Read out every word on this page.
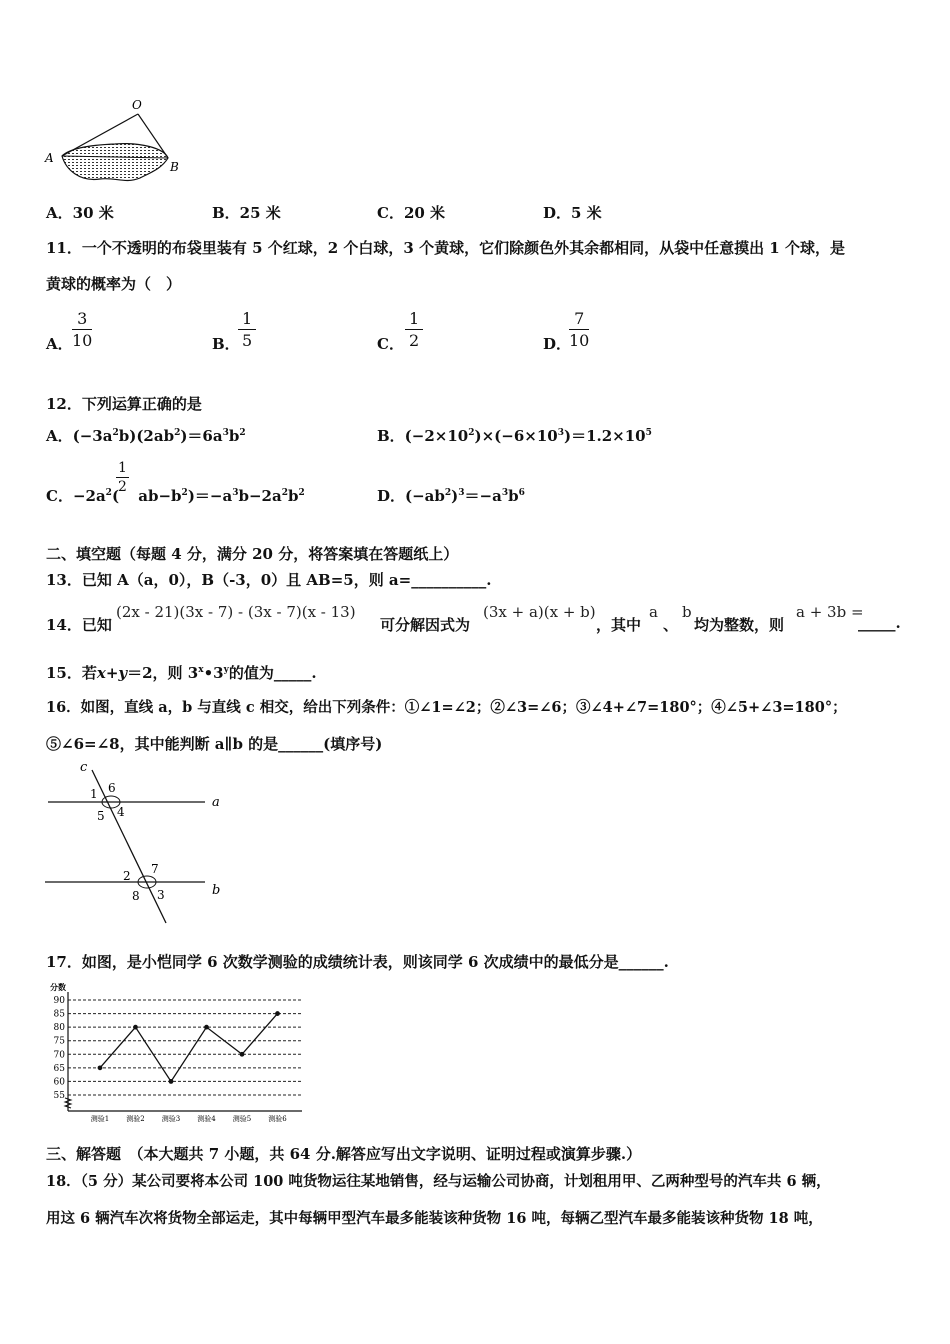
O
A
B
A．30 米	B．25 米	C．20 米	D．5 米
11．一个不透明的布袋里装有 5 个红球，2 个白球，3 个黄球，它们除颜色外其余都相同，从袋中任意摸出 1 个球，是
黄球的概率为（　）
A． $\frac{3}{10}$	B．
$\frac{1}{5}$	C． $\frac{1}{2}$	D．
$\frac{7}{10}$
12．下列运算正确的是
A．$(-3a^2b)(2ab^2)=6a^3b^2$	B．$(-2\times 10^2)\times(-6\times 10^3)=1.2\times 10^5$
C．$-2a^2$( $ab-b^2)=-a^3b-2a^2b^2$
$\frac{1}{2}$
D．$(-ab^2)^3=-a^3b^6$
二、填空题（每题 4 分，满分 20 分，将答案填在答题纸上）
13．已知 A（a，0），B（-3，0）且 AB=5，则 a=__________.
14．已知
(2x - 21)(3x - 7) - (3x - 7)(x - 13)
可分解因式为
(3x + a)(x + b)
，其中
a
、
b
均为整数，则
a + 3b =
_____.
15．若x+y＝2，则 3$^x$•3$^y$的值为_____.
16．如图，直线 a，b 与直线 c 相交，给出下列条件：①∠1=∠2；②∠3=∠6；③∠4+∠7=180°；④∠5+∠3=180°；
⑤∠6=∠8，其中能判断 a∥b 的是______(填序号)
c
a
b
1 6
5 4
2 7
8 3
17．如图，是小恺同学 6 次数学测验的成绩统计表，则该同学 6 次成绩中的最低分是______.
55
60
65
70
75
80
85
90
测验1 测验2 测验3 测验4 测验5 测验6
分数
三、解答题　（本大题共 7 小题，共 64 分.解答应写出文字说明、证明过程或演算步骤.）
18．（5 分）某公司要将本公司 100 吨货物运往某地销售，经与运输公司协商，计划租用甲、乙两种型号的汽车共 6 辆，
用这 6 辆汽车次将货物全部运走，其中每辆甲型汽车最多能装该种货物 16 吨，每辆乙型汽车最多能装该种货物 18 吨，
